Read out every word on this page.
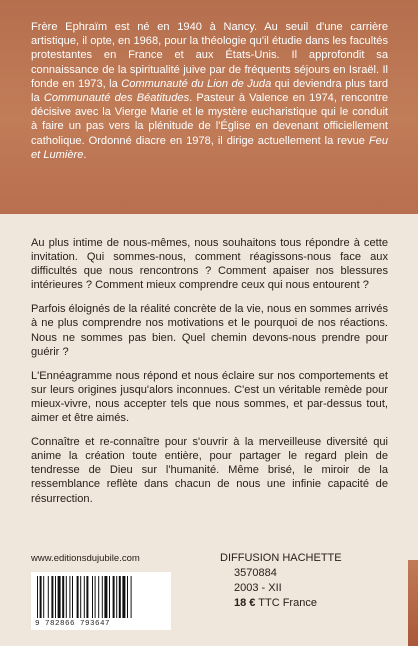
Frère Ephraïm est né en 1940 à Nancy. Au seuil d'une carrière artistique, il opte, en 1968, pour la théologie qu'il étudie dans les facultés protestantes en France et aux États-Unis. Il approfondit sa connaissance de la spiritualité juive par de fréquents séjours en Israël. Il fonde en 1973, la Communauté du Lion de Juda qui deviendra plus tard la Communauté des Béatitudes. Pasteur à Valence en 1974, rencontre décisive avec la Vierge Marie et le mystère eucharistique qui le conduit à faire un pas vers la plénitude de l'Église en devenant officiellement catholique. Ordonné diacre en 1978, il dirige actuellement la revue Feu et Lumière.

Au plus intime de nous-mêmes, nous souhaitons tous répondre à cette invitation. Qui sommes-nous, comment réagissons-nous face aux difficultés que nous rencontrons ? Comment apaiser nos blessures intérieures ? Comment mieux comprendre ceux qui nous entourent ?

Parfois éloignés de la réalité concrète de la vie, nous en sommes arrivés à ne plus comprendre nos motivations et le pourquoi de nos réactions. Nous ne sommes pas bien. Quel chemin devons-nous prendre pour guérir ?

L'Ennéagramme nous répond et nous éclaire sur nos comportements et sur leurs origines jusqu'alors inconnues. C'est un véritable remède pour mieux-vivre, nous accepter tels que nous sommes, et par-dessus tout, aimer et être aimés.

Connaître et re-connaître pour s'ouvrir à la merveilleuse diversité qui anime la création toute entière, pour partager le regard plein de tendresse de Dieu sur l'humanité. Même brisé, le miroir de la ressemblance reflète dans chacun de nous une infinie capacité de résurrection.

www.editionsdujubile.com
9 782866 793647
DIFFUSION HACHETTE
3570884
2003 - XII
18 € TTC France
